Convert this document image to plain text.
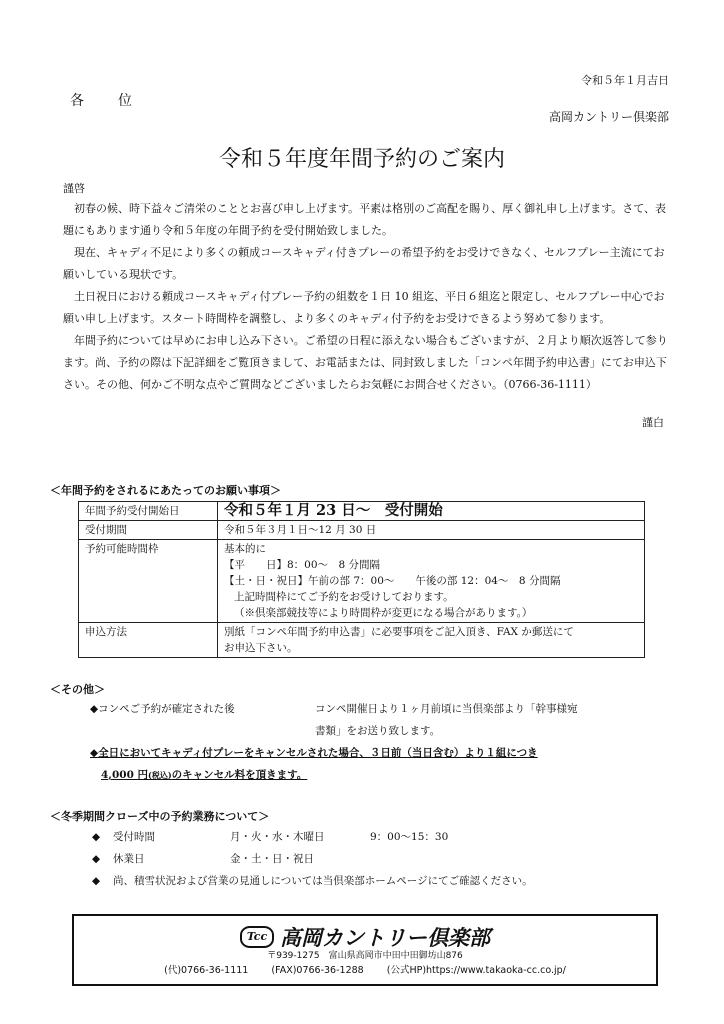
令和５年１月吉日
各　位
高岡カントリー倶楽部
令和５年度年間予約のご案内
謹啓

初春の候、時下益々ご清栄のこととお喜び申し上げます。平素は格別のご高配を賜り、厚く御礼申し上げます。さて、表題にもあります通り令和５年度の年間予約を受付開始致しました。

現在、キャディ不足により多くの頼成コースキャディ付きプレーの希望予約をお受けできなく、セルフプレー主流にてお願いしている現状です。

土日祝日における頼成コースキャディ付プレー予約の組数を１日 10 組迄、平日６組迄と限定し、セルフプレー中心でお願い申し上げます。スタート時間枠を調整し、より多くのキャディ付予約をお受けできるよう努めて参ります。

年間予約については早めにお申し込み下さい。ご希望の日程に添えない場合もございますが、２月より順次返答して参ります。尚、予約の際は下記詳細をご覧頂きまして、お電話または、同封致しました「コンペ年間予約申込書」にてお申込下さい。その他、何かご不明な点やご質問などございましたらお気軽にお問合せください。（0766-36-1111）

謹白
＜年間予約をされるにあたってのお願い事項＞
年間予約受付開始日	令和５年１月 23 日～　受付開始
受付期間	令和５年３月１日～12 月 30 日
予約可能時間枠	基本的に
【平　　日】8：00～　8 分間隔
【土・日・祝日】午前の部 7：00～　　午後の部 12：04～　8 分間隔
上記時間枠にてご予約をお受けしております。
（※倶楽部競技等により時間枠が変更になる場合があります。）

申込方法	別紙「コンペ年間予約申込書」に必要事項をご記入頂き、FAX か郵送にて
お申込下さい。
＜その他＞
◆コンペご予約が確定された後	コンペ開催日より１ヶ月前頃に当倶楽部より「幹事様宛
書類」をお送り致します。
◆全日においてキャディ付プレーをキャンセルされた場合、３日前（当日含む）より１組につき
4,000 円(税込)のキャンセル料を頂きます。
＜冬季期間クローズ中の予約業務について＞
◆ 受付時間	月・火・水・木曜日	9：00～15：30
◆ 休業日	金・土・日・祝日
◆ 尚、積雪状況および営業の見通しについては当倶楽部ホームページにてご確認ください。
Tcc 高岡カントリー倶楽部
〒939-1275　富山県高岡市中田中田御坊山876
(代)0766-36-1111 (FAX)0766-36-1288 (公式HP)https://www.takaoka-cc.co.jp/
